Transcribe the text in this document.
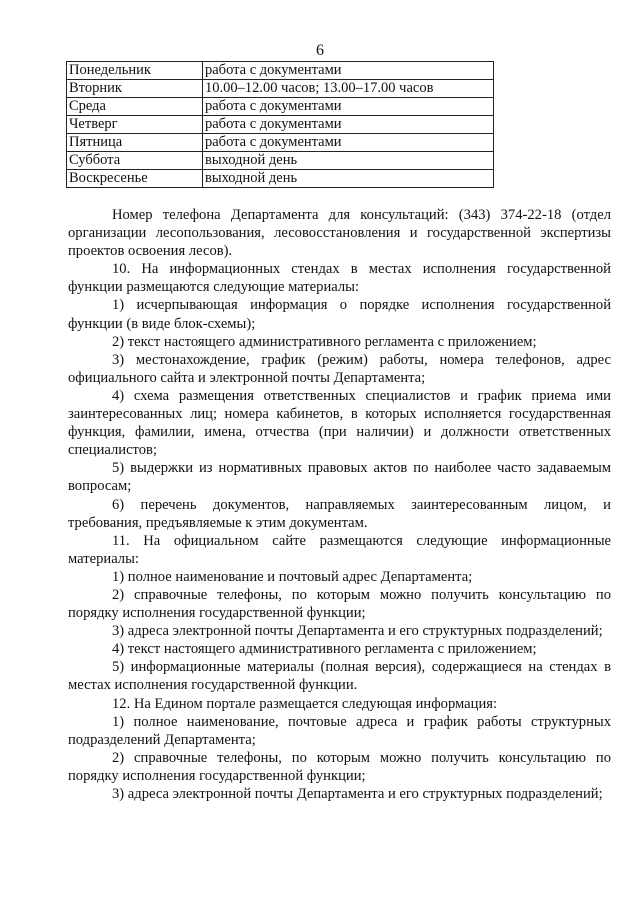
6
Понедельник	работа с документами
Вторник	10.00–12.00 часов; 13.00–17.00 часов
Среда	работа с документами
Четверг	работа с документами
Пятница	работа с документами
Суббота	выходной день
Воскресенье	выходной день

Номер телефона Департамента для консультаций: (343) 374-22-18 (отдел организации лесопользования, лесовосстановления и государственной экспертизы проектов освоения лесов).

10. На информационных стендах в местах исполнения государственной функции размещаются следующие материалы:

1) исчерпывающая информация о порядке исполнения государственной функции (в виде блок-схемы);

2) текст настоящего административного регламента с приложением;

3) местонахождение, график (режим) работы, номера телефонов, адрес официального сайта и электронной почты Департамента;

4) схема размещения ответственных специалистов и график приема ими заинтересованных лиц; номера кабинетов, в которых исполняется государственная функция, фамилии, имена, отчества (при наличии) и должности ответственных специалистов;

5) выдержки из нормативных правовых актов по наиболее часто задаваемым вопросам;

6) перечень документов, направляемых заинтересованным лицом, и требования, предъявляемые к этим документам.

11. На официальном сайте размещаются следующие информационные материалы:

1) полное наименование и почтовый адрес Департамента;

2) справочные телефоны, по которым можно получить консультацию по порядку исполнения государственной функции;

3) адреса электронной почты Департамента и его структурных подразделений;

4) текст настоящего административного регламента с приложением;

5) информационные материалы (полная версия), содержащиеся на стендах в местах исполнения государственной функции.

12. На Едином портале размещается следующая информация:

1) полное наименование, почтовые адреса и график работы структурных подразделений Департамента;

2) справочные телефоны, по которым можно получить консультацию по порядку исполнения государственной функции;

3) адреса электронной почты Департамента и его структурных подразделений;
